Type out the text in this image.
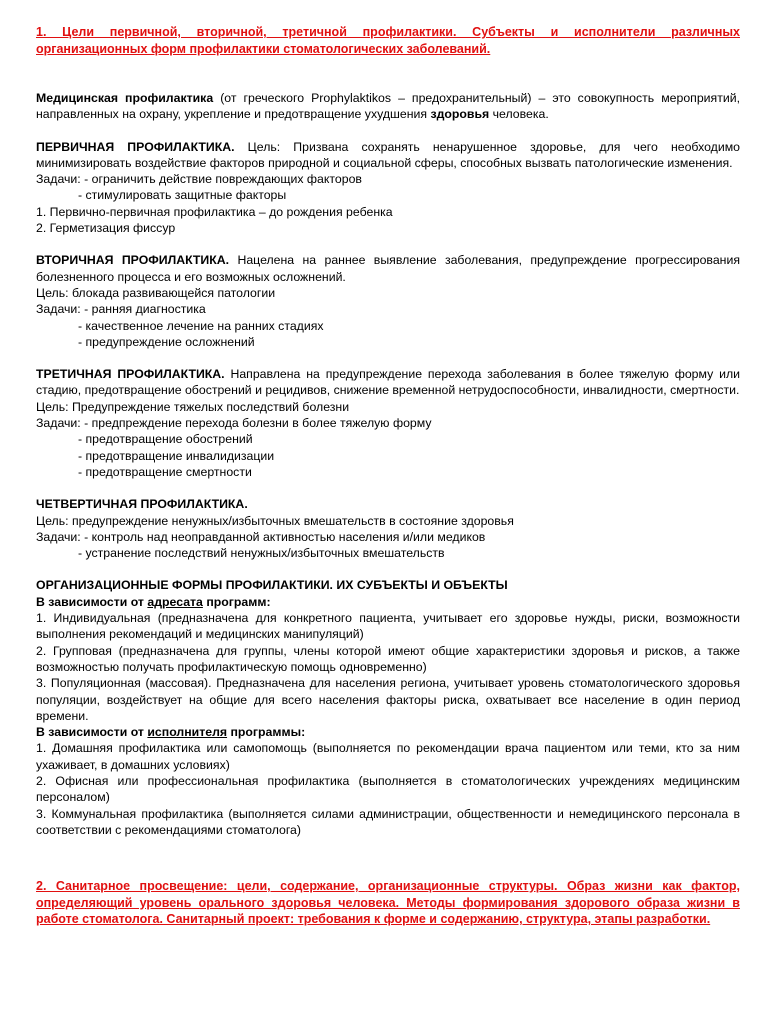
1. Цели первичной, вторичной, третичной профилактики. Субъекты и исполнители различных организационных форм профилактики стоматологических заболеваний.

Медицинская профилактика (от греческого Prophylaktikos – предохранительный) – это совокупность мероприятий, направленных на охрану, укрепление и предотвращение ухудшения здоровья человека.

ПЕРВИЧНАЯ ПРОФИЛАКТИКА. Цель: Призвана сохранять ненарушенное здоровье, для чего необходимо минимизировать воздействие факторов природной и социальной сферы, способных вызвать патологические изменения.

Задачи: - ограничить действие повреждающих факторов

- стимулировать защитные факторы

1. Первично-первичная профилактика – до рождения ребенка

2. Герметизация фиссур

ВТОРИЧНАЯ ПРОФИЛАКТИКА. Нацелена на раннее выявление заболевания, предупреждение прогрессирования болезненного процесса и его возможных осложнений.

Цель: блокада развивающейся патологии

Задачи: - ранняя диагностика

- качественное лечение на ранних стадиях

- предупреждение осложнений

ТРЕТИЧНАЯ ПРОФИЛАКТИКА. Направлена на предупреждение перехода заболевания в более тяжелую форму или стадию, предотвращение обострений и рецидивов, снижение временной нетрудоспособности, инвалидности, смертности.

Цель: Предупреждение тяжелых последствий болезни

Задачи: - предпреждение перехода болезни в более тяжелую форму

- предотвращение обострений

- предотвращение инвалидизации

- предотвращение смертности

ЧЕТВЕРТИЧНАЯ ПРОФИЛАКТИКА.

Цель: предупреждение ненужных/избыточных вмешательств в состояние здоровья

Задачи: - контроль над неоправданной активностью населения и/или медиков

- устранение последствий ненужных/избыточных вмешательств

ОРГАНИЗАЦИОННЫЕ ФОРМЫ ПРОФИЛАКТИКИ. ИХ СУБЪЕКТЫ И ОБЪЕКТЫ

В зависимости от адресата программ:

1. Индивидуальная (предназначена для конкретного пациента, учитывает его здоровье нужды, риски, возможности выполнения рекомендаций и медицинских манипуляций)

2. Групповая (предназначена для группы, члены которой имеют общие характеристики здоровья и рисков, а также возможностью получать профилактическую помощь одновременно)

3. Популяционная (массовая). Предназначена для населения региона, учитывает уровень стоматологического здоровья популяции, воздействует на общие для всего населения факторы риска, охватывает все население в один период времени.

В зависимости от исполнителя программы:

1. Домашняя профилактика или самопомощь (выполняется по рекомендации врача пациентом или теми, кто за ним ухаживает, в домашних условиях)

2. Офисная или профессиональная профилактика (выполняется в стоматологических учреждениях медицинским персоналом)

3. Коммунальная профилактика (выполняется силами администрации, общественности и немедицинского персонала в соответствии с рекомендациями стоматолога)

2. Санитарное просвещение: цели, содержание, организационные структуры. Образ жизни как фактор, определяющий уровень орального здоровья человека. Методы формирования здорового образа жизни в работе стоматолога. Санитарный проект: требования к форме и содержанию, структура, этапы разработки.
